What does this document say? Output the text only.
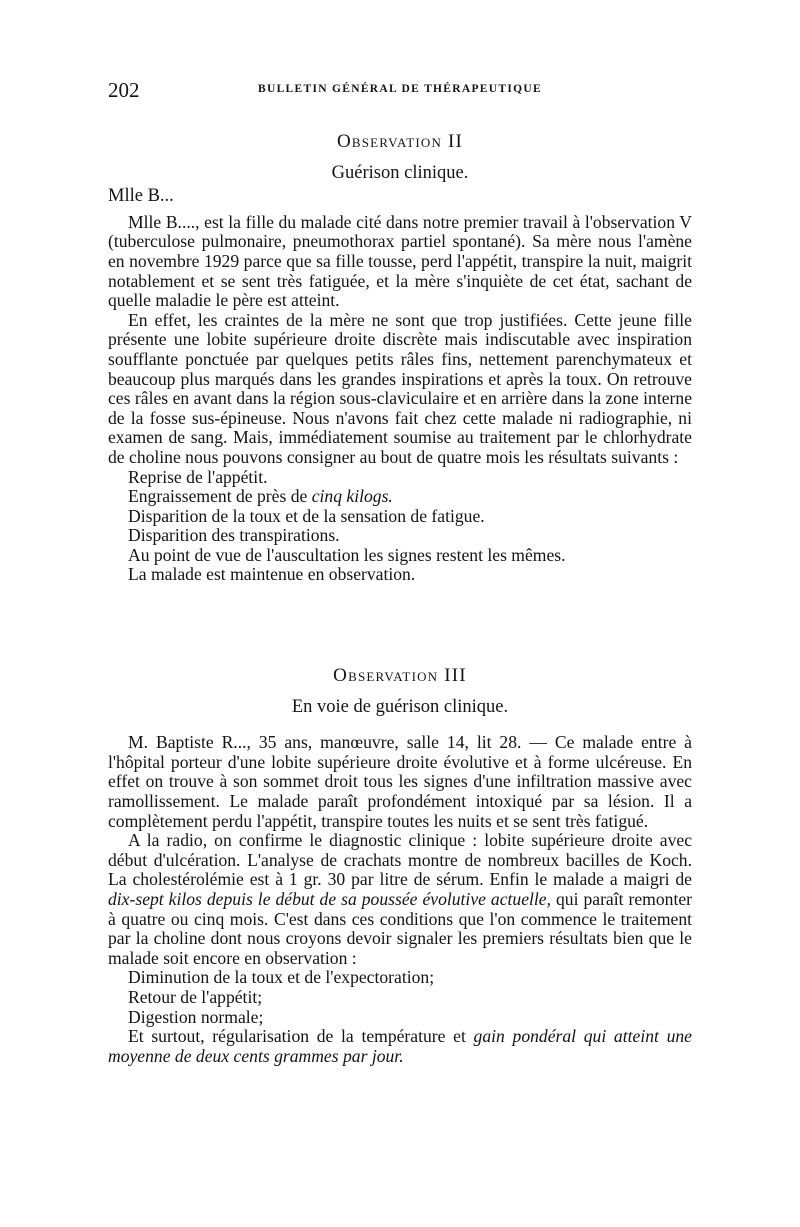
202	BULLETIN GÉNÉRAL DE THÉRAPEUTIQUE
Observation II
Guérison clinique.
Mlle B...

Mlle B...., est la fille du malade cité dans notre premier travail à l'observation V (tuberculose pulmonaire, pneumothorax partiel spontané). Sa mère nous l'amène en novembre 1929 parce que sa fille tousse, perd l'appétit, transpire la nuit, maigrit notablement et se sent très fatiguée, et la mère s'inquiète de cet état, sachant de quelle maladie le père est atteint.

En effet, les craintes de la mère ne sont que trop justifiées. Cette jeune fille présente une lobite supérieure droite discrète mais indiscutable avec inspiration soufflante ponctuée par quelques petits râles fins, nettement parenchymateux et beaucoup plus marqués dans les grandes inspirations et après la toux. On retrouve ces râles en avant dans la région sous-claviculaire et en arrière dans la zone interne de la fosse sus-épineuse. Nous n'avons fait chez cette malade ni radiographie, ni examen de sang. Mais, immédiatement soumise au traitement par le chlorhydrate de choline nous pouvons consigner au bout de quatre mois les résultats suivants :

Reprise de l'appétit.

Engraissement de près de cinq kilogs.

Disparition de la toux et de la sensation de fatigue.

Disparition des transpirations.

Au point de vue de l'auscultation les signes restent les mêmes.

La malade est maintenue en observation.

Observation III
En voie de guérison clinique.

M. Baptiste R..., 35 ans, manœuvre, salle 14, lit 28. — Ce malade entre à l'hôpital porteur d'une lobite supérieure droite évolutive et à forme ulcéreuse. En effet on trouve à son sommet droit tous les signes d'une infiltration massive avec ramollissement. Le malade paraît profondément intoxiqué par sa lésion. Il a complètement perdu l'appétit, transpire toutes les nuits et se sent très fatigué.

A la radio, on confirme le diagnostic clinique : lobite supérieure droite avec début d'ulcération. L'analyse de crachats montre de nombreux bacilles de Koch. La cholestérolémie est à 1 gr. 30 par litre de sérum. Enfin le malade a maigri de dix-sept kilos depuis le début de sa poussée évolutive actuelle, qui paraît remonter à quatre ou cinq mois. C'est dans ces conditions que l'on commence le traitement par la choline dont nous croyons devoir signaler les premiers résultats bien que le malade soit encore en observation :

Diminution de la toux et de l'expectoration;

Retour de l'appétit;

Digestion normale;

Et surtout, régularisation de la température et gain pondéral qui atteint une moyenne de deux cents grammes par jour.
